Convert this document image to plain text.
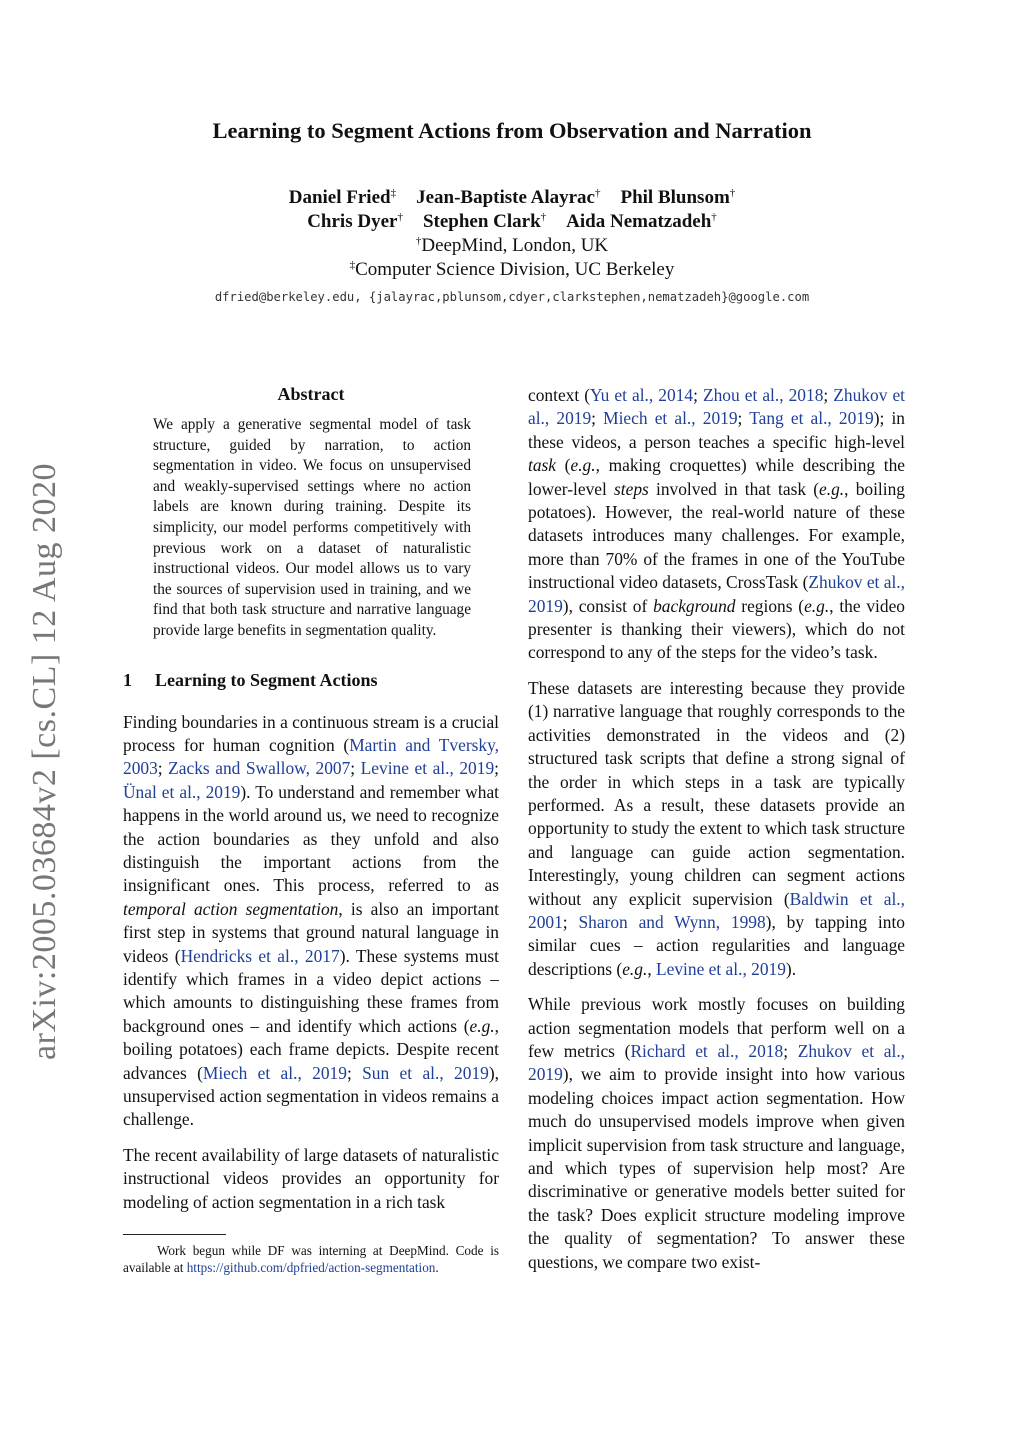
arXiv:2005.03684v2 [cs.CL] 12 Aug 2020
Learning to Segment Actions from Observation and Narration
Daniel Fried‡ Jean-Baptiste Alayrac† Phil Blunsom†
Chris Dyer† Stephen Clark† Aida Nematzadeh†
†DeepMind, London, UK
‡Computer Science Division, UC Berkeley
dfried@berkeley.edu, {jalayrac,pblunsom,cdyer,clarkstephen,nematzadeh}@google.com
Abstract

We apply a generative segmental model of task structure, guided by narration, to action segmentation in video. We focus on unsupervised and weakly-supervised settings where no action labels are known during training. Despite its simplicity, our model performs competitively with previous work on a dataset of naturalistic instructional videos. Our model allows us to vary the sources of supervision used in training, and we find that both task structure and narrative language provide large benefits in segmentation quality.

1 Learning to Segment Actions

Finding boundaries in a continuous stream is a crucial process for human cognition (Martin and Tversky, 2003; Zacks and Swallow, 2007; Levine et al., 2019; Ünal et al., 2019). To understand and remember what happens in the world around us, we need to recognize the action boundaries as they unfold and also distinguish the important actions from the insignificant ones. This process, referred to as temporal action segmentation, is also an important first step in systems that ground natural language in videos (Hendricks et al., 2017). These systems must identify which frames in a video depict actions – which amounts to distinguishing these frames from background ones – and identify which actions (e.g., boiling potatoes) each frame depicts. Despite recent advances (Miech et al., 2019; Sun et al., 2019), unsupervised action segmentation in videos remains a challenge.

The recent availability of large datasets of naturalistic instructional videos provides an opportunity for modeling of action segmentation in a rich task

Work begun while DF was interning at DeepMind. Code is available at https://github.com/dpfried/action-segmentation.

context (Yu et al., 2014; Zhou et al., 2018; Zhukov et al., 2019; Miech et al., 2019; Tang et al., 2019); in these videos, a person teaches a specific high-level task (e.g., making croquettes) while describing the lower-level steps involved in that task (e.g., boiling potatoes). However, the real-world nature of these datasets introduces many challenges. For example, more than 70% of the frames in one of the YouTube instructional video datasets, CrossTask (Zhukov et al., 2019), consist of background regions (e.g., the video presenter is thanking their viewers), which do not correspond to any of the steps for the video’s task.

These datasets are interesting because they provide (1) narrative language that roughly corresponds to the activities demonstrated in the videos and (2) structured task scripts that define a strong signal of the order in which steps in a task are typically performed. As a result, these datasets provide an opportunity to study the extent to which task structure and language can guide action segmentation. Interestingly, young children can segment actions without any explicit supervision (Baldwin et al., 2001; Sharon and Wynn, 1998), by tapping into similar cues – action regularities and language descriptions (e.g., Levine et al., 2019).

While previous work mostly focuses on building action segmentation models that perform well on a few metrics (Richard et al., 2018; Zhukov et al., 2019), we aim to provide insight into how various modeling choices impact action segmentation. How much do unsupervised models improve when given implicit supervision from task structure and language, and which types of supervision help most? Are discriminative or generative models better suited for the task? Does explicit structure modeling improve the quality of segmentation? To answer these questions, we compare two exist-
